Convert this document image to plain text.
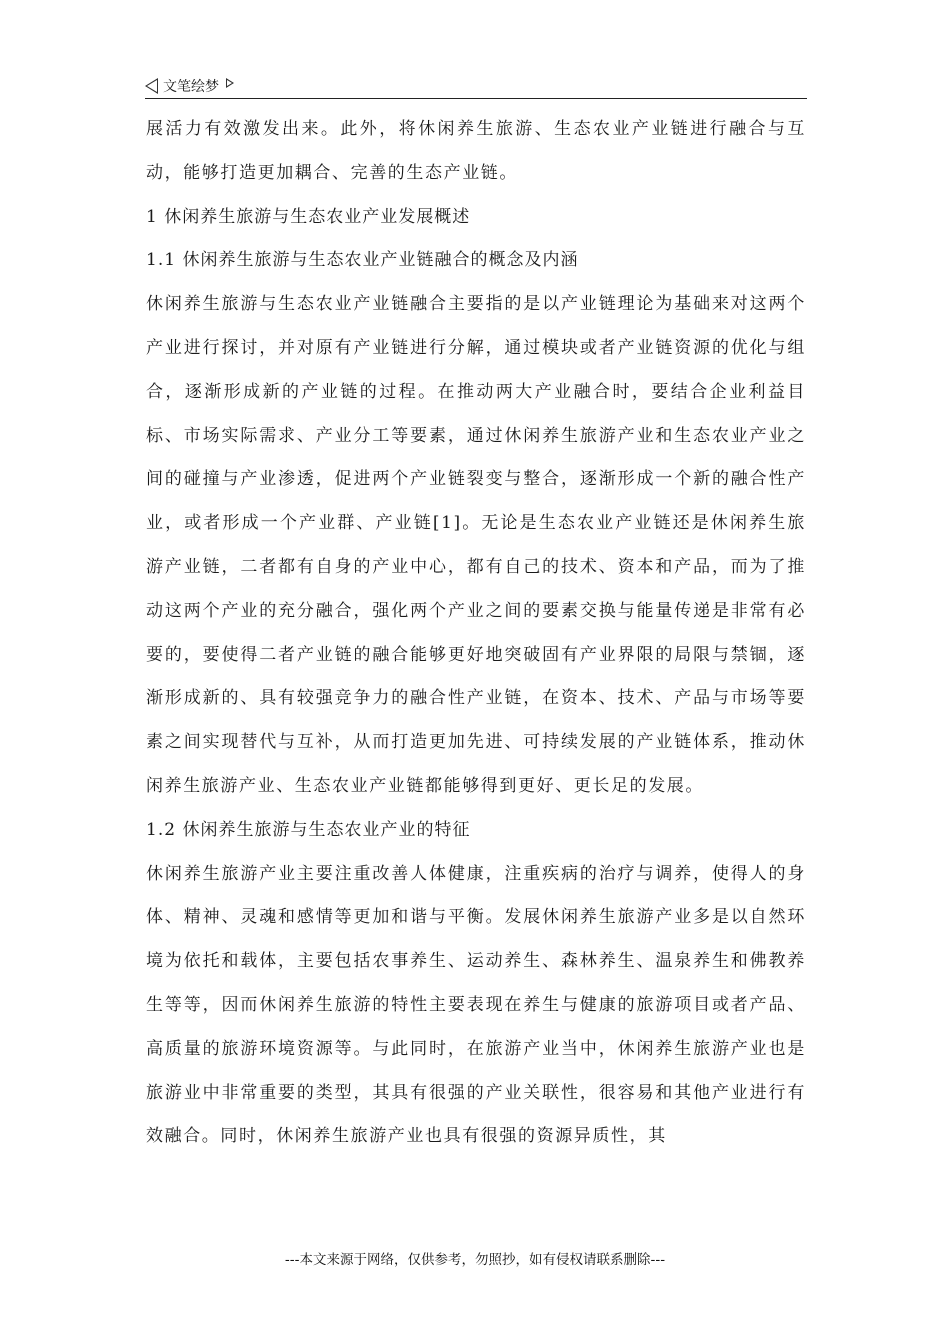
文笔绘梦

展活力有效激发出来。此外，将休闲养生旅游、生态农业产业链进行融合与互动，能够打造更加耦合、完善的生态产业链。

1 休闲养生旅游与生态农业产业发展概述

1.1 休闲养生旅游与生态农业产业链融合的概念及内涵

休闲养生旅游与生态农业产业链融合主要指的是以产业链理论为基础来对这两个产业进行探讨，并对原有产业链进行分解，通过模块或者产业链资源的优化与组合，逐渐形成新的产业链的过程。在推动两大产业融合时，要结合企业利益目标、市场实际需求、产业分工等要素，通过休闲养生旅游产业和生态农业产业之间的碰撞与产业渗透，促进两个产业链裂变与整合，逐渐形成一个新的融合性产业，或者形成一个产业群、产业链[1]。无论是生态农业产业链还是休闲养生旅游产业链，二者都有自身的产业中心，都有自己的技术、资本和产品，而为了推动这两个产业的充分融合，强化两个产业之间的要素交换与能量传递是非常有必要的，要使得二者产业链的融合能够更好地突破固有产业界限的局限与禁锢，逐渐形成新的、具有较强竞争力的融合性产业链，在资本、技术、产品与市场等要素之间实现替代与互补，从而打造更加先进、可持续发展的产业链体系，推动休闲养生旅游产业、生态农业产业链都能够得到更好、更长足的发展。

1.2 休闲养生旅游与生态农业产业的特征

休闲养生旅游产业主要注重改善人体健康，注重疾病的治疗与调养，使得人的身体、精神、灵魂和感情等更加和谐与平衡。发展休闲养生旅游产业多是以自然环境为依托和载体，主要包括农事养生、运动养生、森林养生、温泉养生和佛教养生等等，因而休闲养生旅游的特性主要表现在养生与健康的旅游项目或者产品、高质量的旅游环境资源等。与此同时，在旅游产业当中，休闲养生旅游产业也是旅游业中非常重要的类型，其具有很强的产业关联性，很容易和其他产业进行有效融合。同时，休闲养生旅游产业也具有很强的资源异质性，其

---本文来源于网络，仅供参考，勿照抄，如有侵权请联系删除---
